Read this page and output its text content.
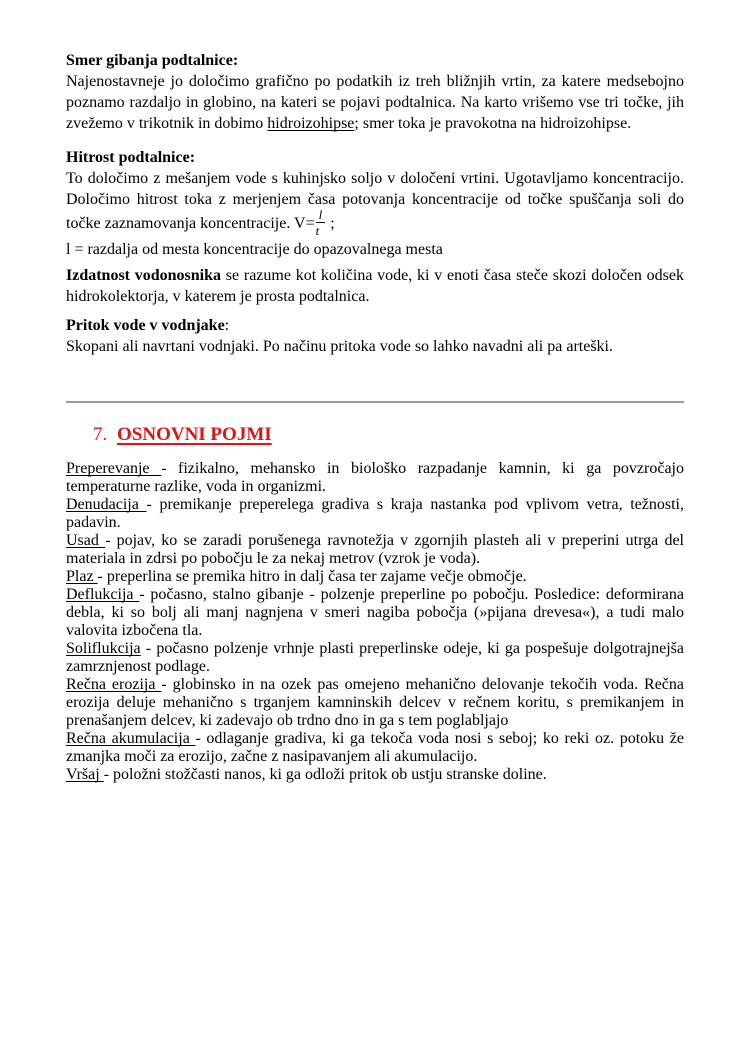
Smer gibanja podtalnice:

Najenostavneje jo določimo grafično po podatkih iz treh bližnjih vrtin, za katere medsebojno poznamo razdaljo in globino, na kateri se pojavi podtalnica. Na karto vrišemo vse tri točke, jih zvežemo v trikotnik in dobimo hidroizohipse; smer toka je pravokotna na hidroizohipse.

Hitrost podtalnice:

To določimo z mešanjem vode s kuhinjsko soljo v določeni vrtini. Ugotavljamo koncentracijo. Določimo hitrost toka z merjenjem časa potovanja koncentracije od točke spuščanja soli do točke zaznamovanja koncentracije. $V= \frac{l}{t}$ ;

l = razdalja od mesta koncentracije do opazovalnega mesta

Izdatnost vodonosnika se razume kot količina vode, ki v enoti časa steče skozi določen odsek hidrokolektorja, v katerem je prosta podtalnica.

Pritok vode v vodnjake:

Skopani ali navrtani vodnjaki. Po načinu pritoka vode so lahko navadni ali pa arteški.

7. OSNOVNI POJMI

Preperevanje - fizikalno, mehansko in biološko razpadanje kamnin, ki ga povzročajo temperaturne razlike, voda in organizmi.

Denudacija - premikanje preperelega gradiva s kraja nastanka pod vplivom vetra, težnosti, padavin.

Usad - pojav, ko se zaradi porušenega ravnotežja v zgornjih plasteh ali v preperini utrga del materiala in zdrsi po pobočju le za nekaj metrov (vzrok je voda).

Plaz - preperlina se premika hitro in dalj časa ter zajame večje območje.

Deflukcija - počasno, stalno gibanje - polzenje preperline po pobočju. Posledice: deformirana debla, ki so bolj ali manj nagnjena v smeri nagiba pobočja (»pijana drevesa«), a tudi malo valovita izbočena tla.

Soliflukcija - počasno polzenje vrhnje plasti preperlinske odeje, ki ga pospešuje dolgotrajnejša zamrznjenost podlage.

Rečna erozija - globinsko in na ozek pas omejeno mehanično delovanje tekočih voda. Rečna erozija deluje mehanično s trganjem kamninskih delcev v rečnem koritu, s premikanjem in prenašanjem delcev, ki zadevajo ob trdno dno in ga s tem poglabljajo

Rečna akumulacija - odlaganje gradiva, ki ga tekoča voda nosi s seboj; ko reki oz. potoku že zmanjka moči za erozijo, začne z nasipavanjem ali akumulacijo.

Vršaj - položni stožčasti nanos, ki ga odloži pritok ob ustju stranske doline.
